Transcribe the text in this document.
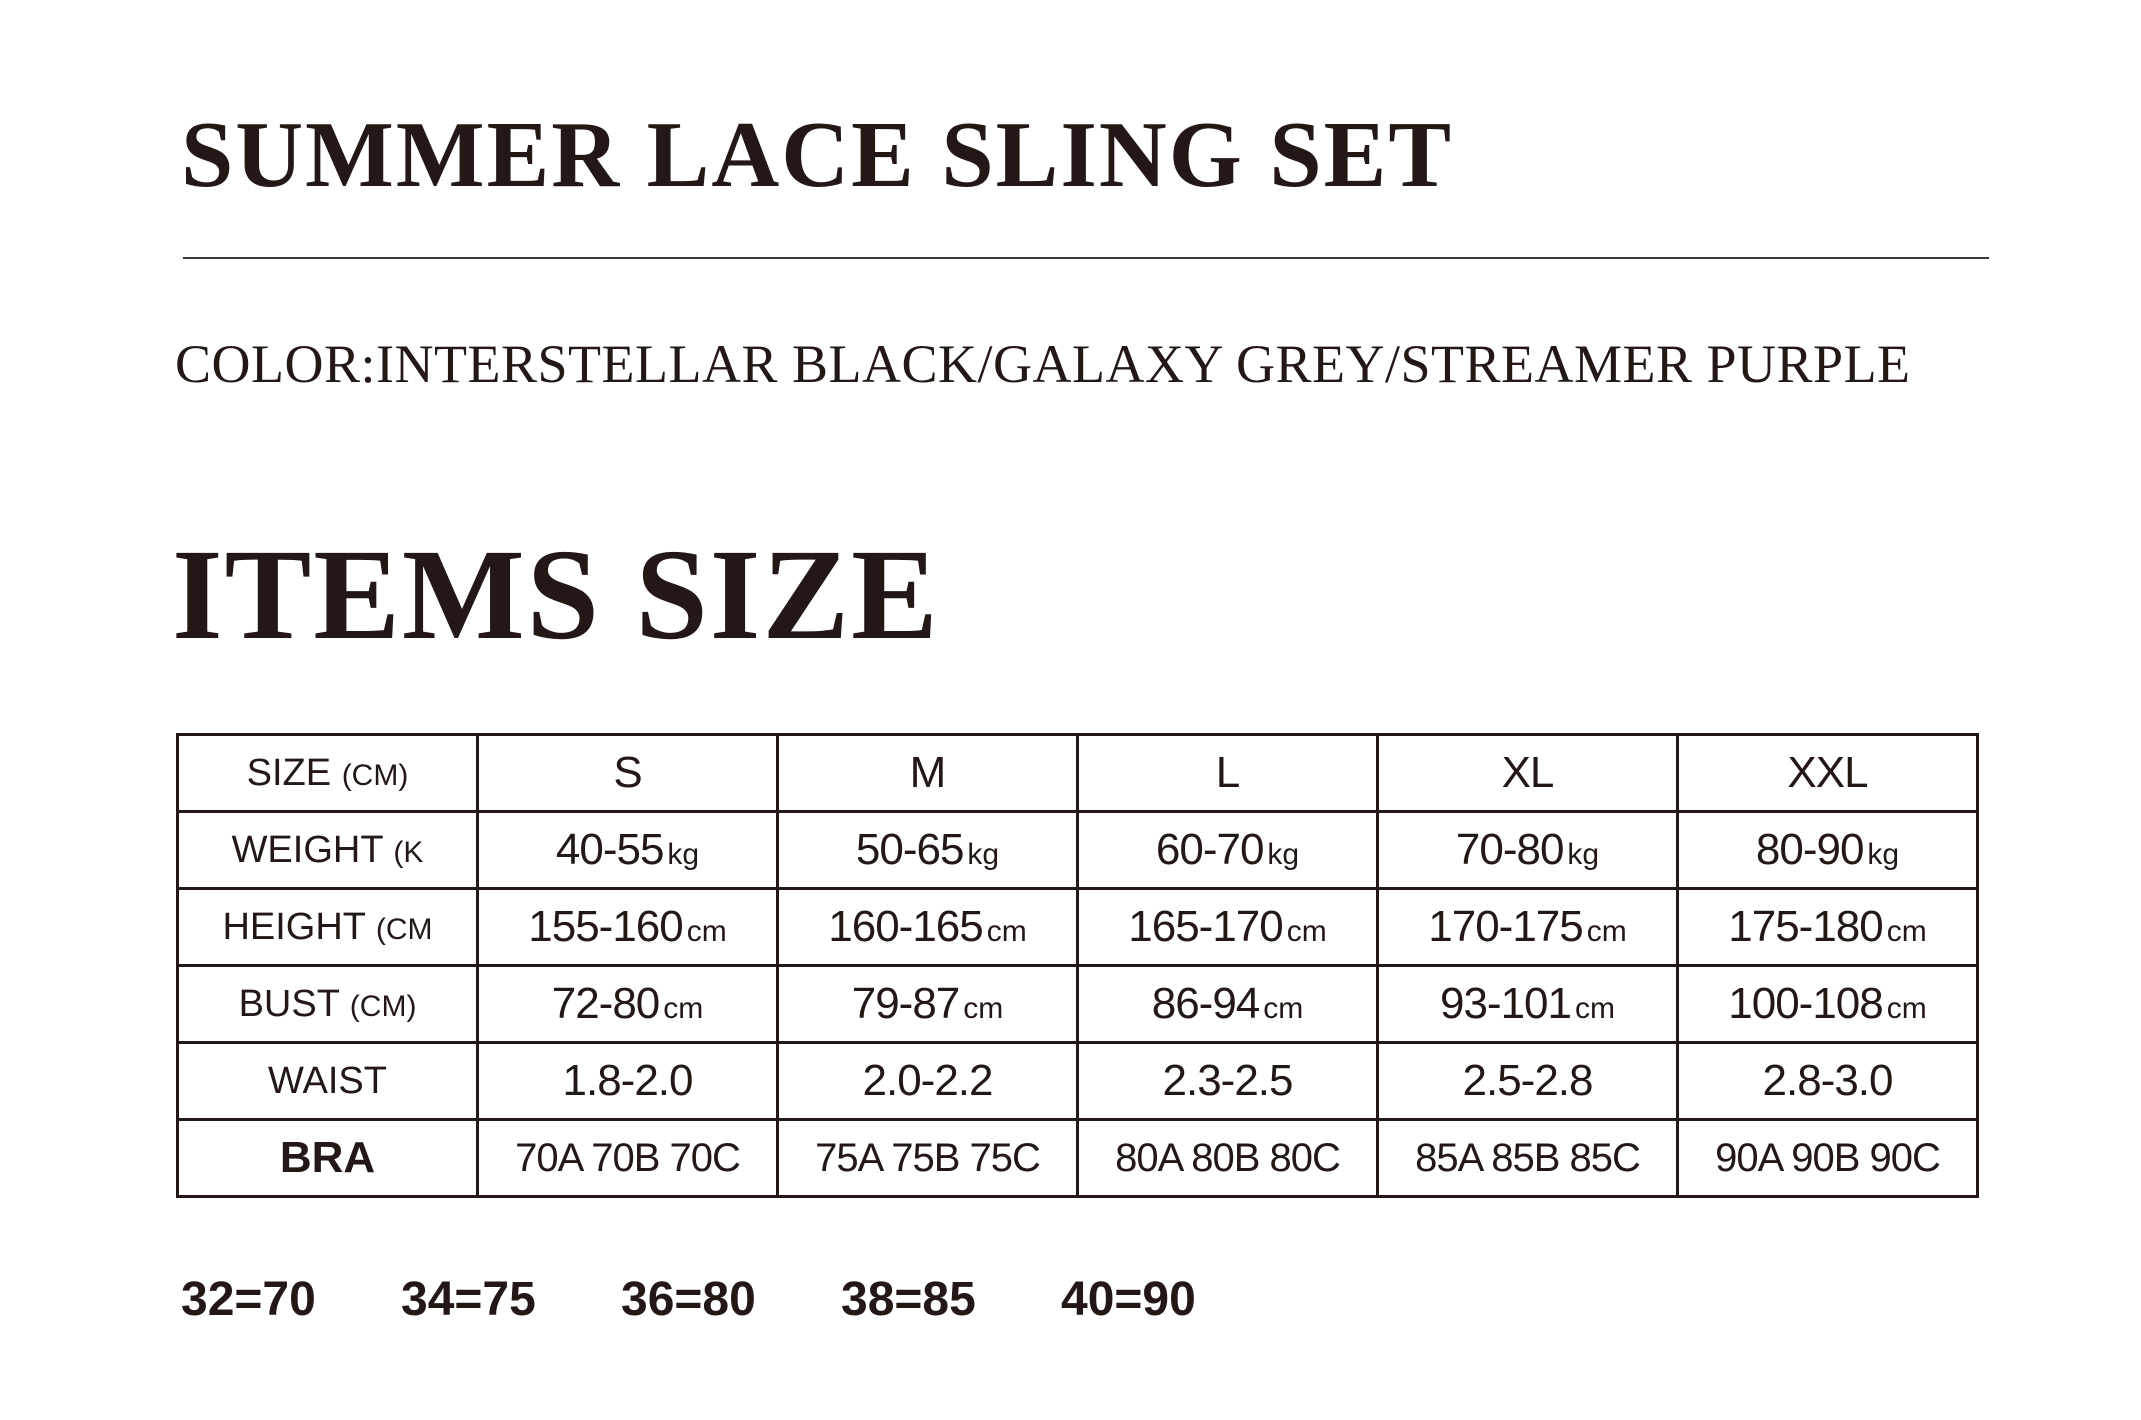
SUMMER LACE SLING SET

COLOR:INTERSTELLAR BLACK/GALAXY GREY/STREAMER PURPLE

ITEMS SIZE
SIZE (CM)	S	M	L	XL	XXL
WEIGHT (K	40-55 kg	50-65 kg	60-70 kg	70-80 kg	80-90 kg
HEIGHT (CM	155-160 cm	160-165 cm	165-170 cm	170-175 cm	175-180 cm
BUST (CM)	72-80 cm	79-87 cm	86-94 cm	93-101 cm	100-108 cm
WAIST	1.8-2.0	2.0-2.2	2.3-2.5	2.5-2.8	2.8-3.0
BRA	70A 70B 70C	75A 75B 75C	80A 80B 80C	85A 85B 85C	90A 90B 90C
32=70	34=75	36=80	38=85	40=90
